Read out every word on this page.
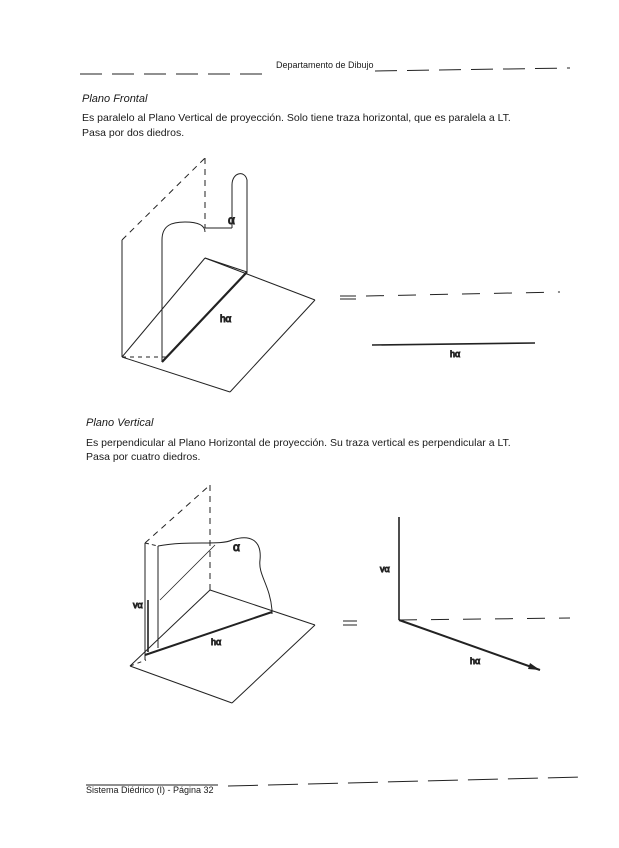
Departamento de Dibujo
Plano Frontal
Es paralelo al Plano Vertical de proyección. Solo tiene traza horizontal, que es paralela a LT.
Pasa por dos diedros.
Plano Vertical
Es perpendicular al Plano Horizontal de proyección. Su traza vertical es perpendicular a LT.
Pasa por cuatro diedros.
Sistema Diédrico (I) - Página 32
α
hα
hα
α
vα
hα
vα
hα
